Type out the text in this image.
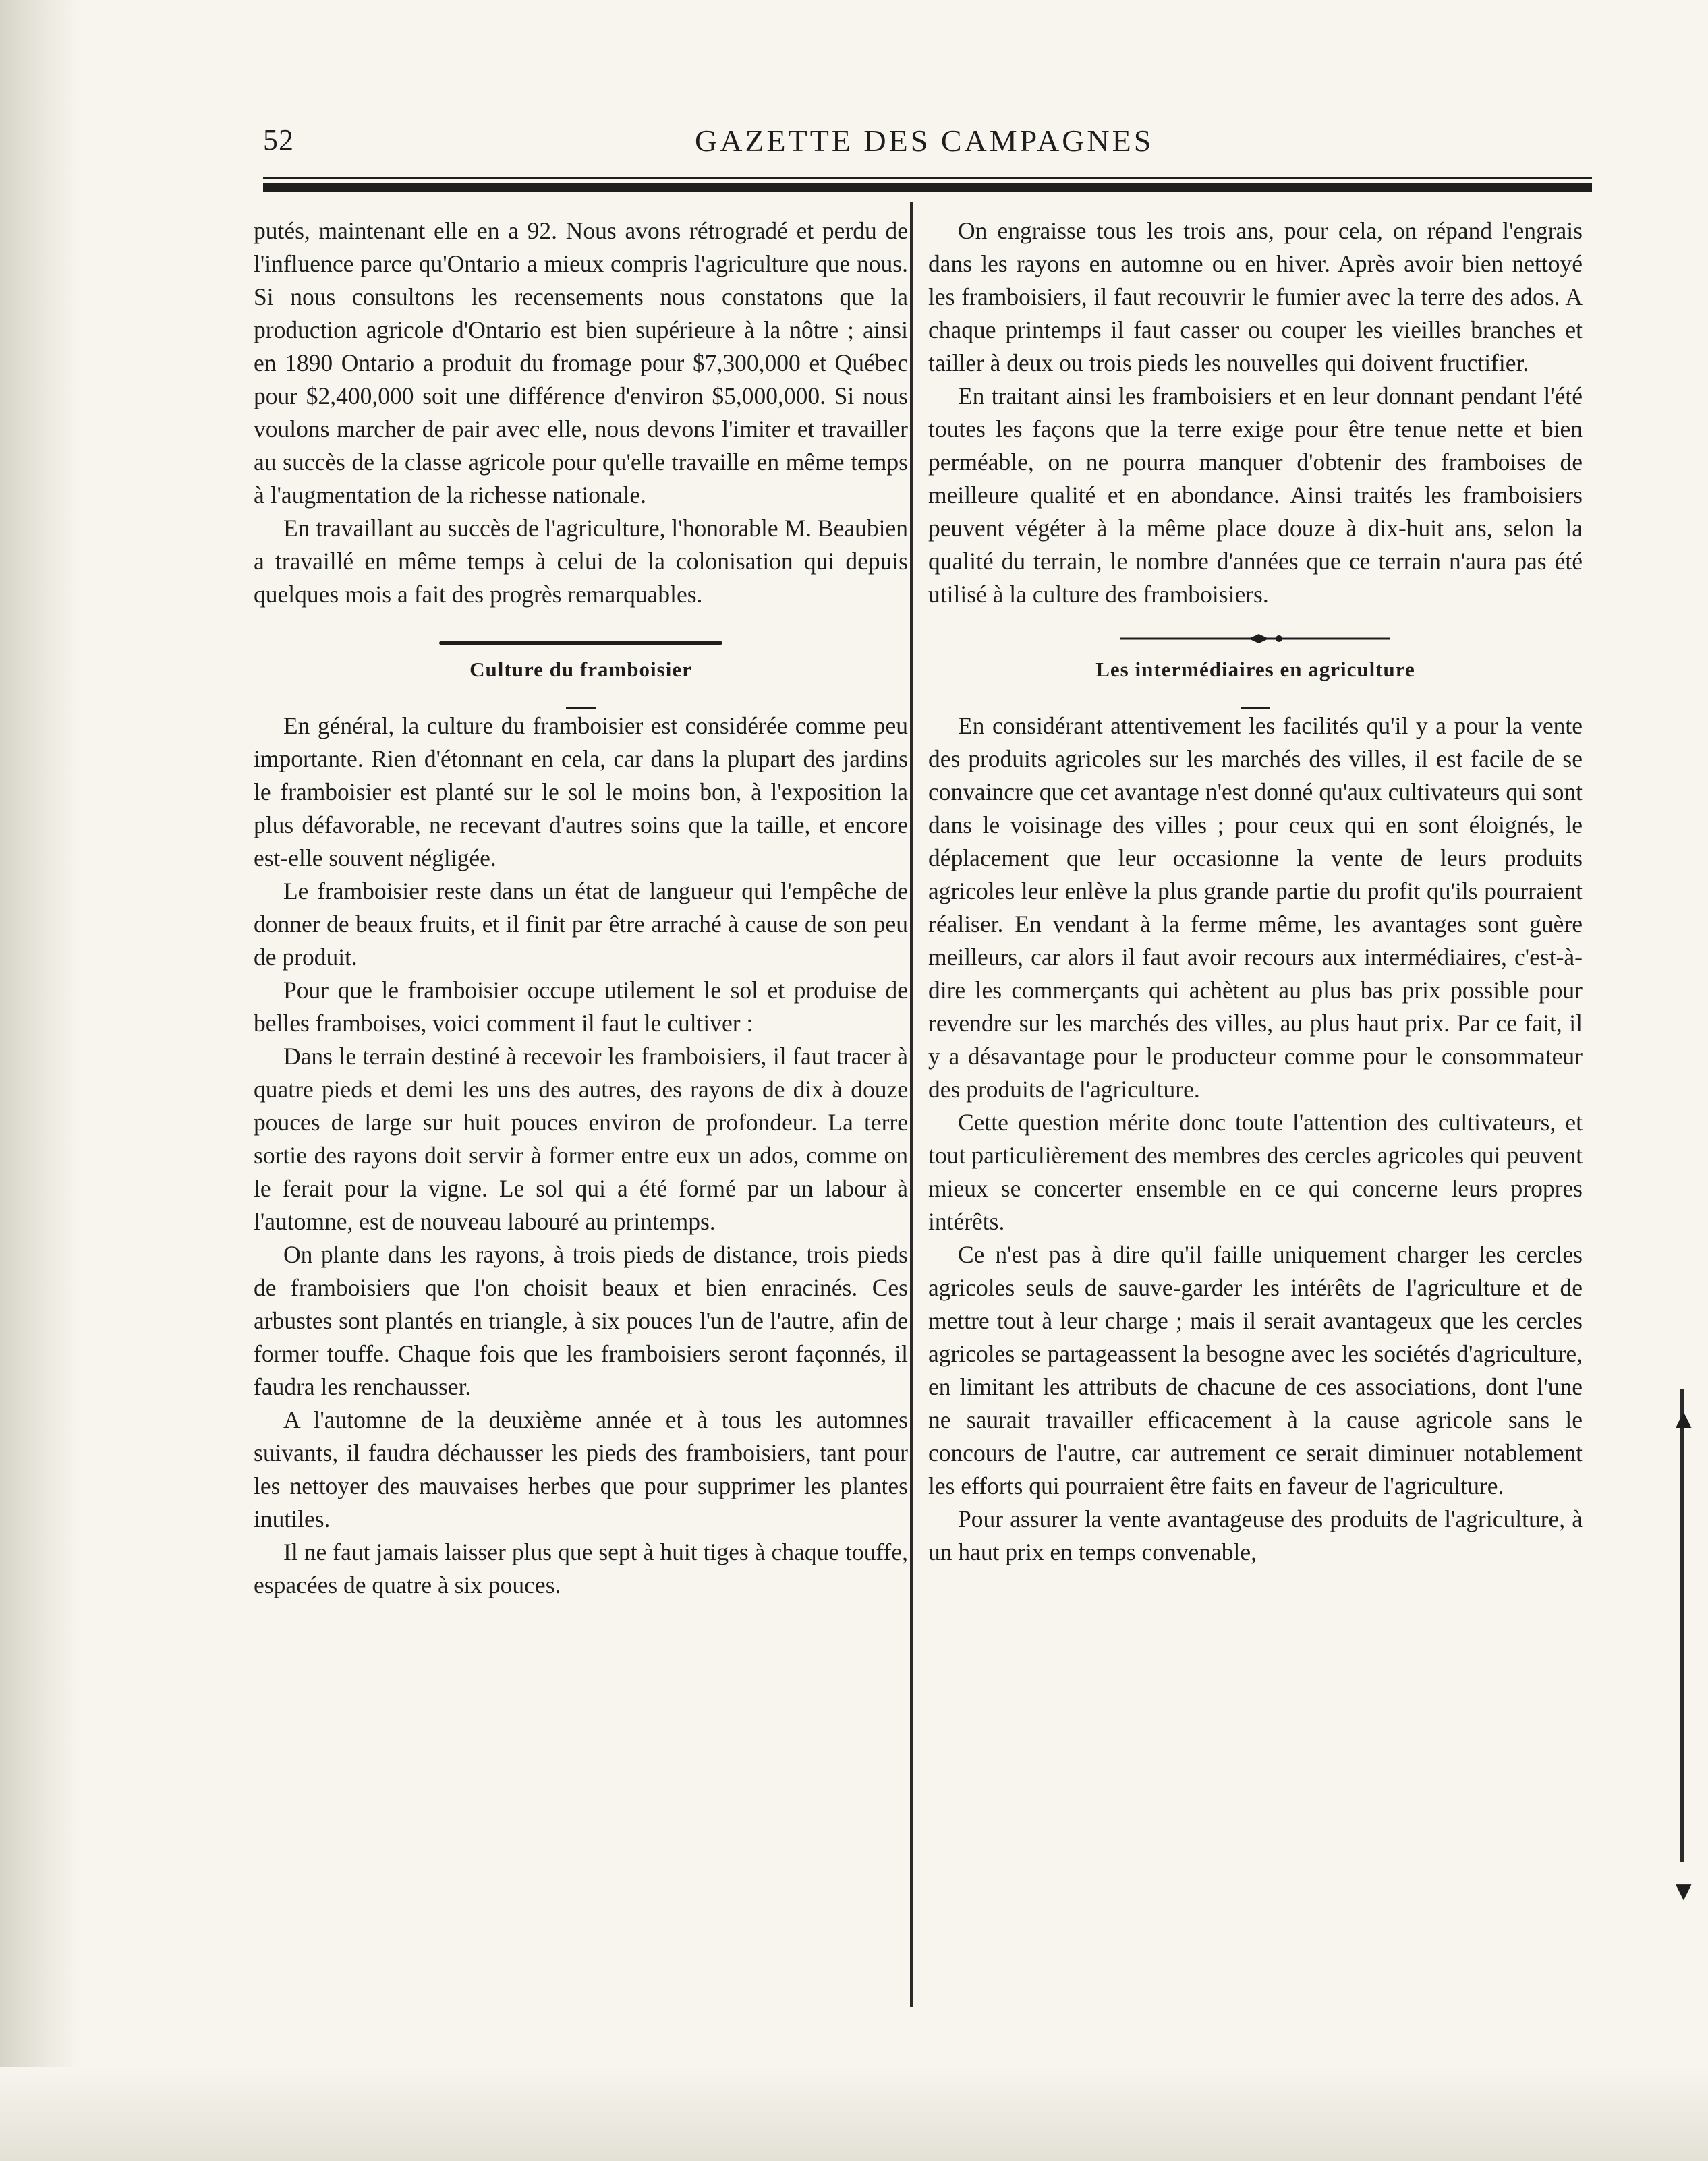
52	GAZETTE DES CAMPAGNES

putés, maintenant elle en a 92. Nous avons rétrogradé et perdu de l'influence parce qu'Ontario a mieux compris l'agriculture que nous. Si nous consultons les recensements nous constatons que la production agricole d'Ontario est bien supérieure à la nôtre ; ainsi en 1890 Ontario a produit du fromage pour $7,300,000 et Québec pour $2,400,000 soit une différence d'environ $5,000,000. Si nous voulons marcher de pair avec elle, nous devons l'imiter et travailler au succès de la classe agricole pour qu'elle travaille en même temps à l'augmentation de la richesse nationale.

En travaillant au succès de l'agriculture, l'honorable M. Beaubien a travaillé en même temps à celui de la colonisation qui depuis quelques mois a fait des progrès remarquables.

Culture du framboisier

En général, la culture du framboisier est considérée comme peu importante. Rien d'étonnant en cela, car dans la plupart des jardins le framboisier est planté sur le sol le moins bon, à l'exposition la plus défavorable, ne recevant d'autres soins que la taille, et encore est-elle souvent négligée.

Le framboisier reste dans un état de langueur qui l'empêche de donner de beaux fruits, et il finit par être arraché à cause de son peu de produit.

Pour que le framboisier occupe utilement le sol et produise de belles framboises, voici comment il faut le cultiver :

Dans le terrain destiné à recevoir les framboisiers, il faut tracer à quatre pieds et demi les uns des autres, des rayons de dix à douze pouces de large sur huit pouces environ de profondeur. La terre sortie des rayons doit servir à former entre eux un ados, comme on le ferait pour la vigne. Le sol qui a été formé par un labour à l'automne, est de nouveau labouré au printemps.

On plante dans les rayons, à trois pieds de distance, trois pieds de framboisiers que l'on choisit beaux et bien enracinés. Ces arbustes sont plantés en triangle, à six pouces l'un de l'autre, afin de former touffe. Chaque fois que les framboisiers seront façonnés, il faudra les renchausser.

A l'automne de la deuxième année et à tous les automnes suivants, il faudra déchausser les pieds des framboisiers, tant pour les nettoyer des mauvaises herbes que pour supprimer les plantes inutiles.

Il ne faut jamais laisser plus que sept à huit tiges à chaque touffe, espacées de quatre à six pouces.

On engraisse tous les trois ans, pour cela, on répand l'engrais dans les rayons en automne ou en hiver. Après avoir bien nettoyé les framboisiers, il faut recouvrir le fumier avec la terre des ados. A chaque printemps il faut casser ou couper les vieilles branches et tailler à deux ou trois pieds les nouvelles qui doivent fructifier.

En traitant ainsi les framboisiers et en leur donnant pendant l'été toutes les façons que la terre exige pour être tenue nette et bien perméable, on ne pourra manquer d'obtenir des framboises de meilleure qualité et en abondance. Ainsi traités les framboisiers peuvent végéter à la même place douze à dix-huit ans, selon la qualité du terrain, le nombre d'années que ce terrain n'aura pas été utilisé à la culture des framboisiers.

Les intermédiaires en agriculture

En considérant attentivement les facilités qu'il y a pour la vente des produits agricoles sur les marchés des villes, il est facile de se convaincre que cet avantage n'est donné qu'aux cultivateurs qui sont dans le voisinage des villes ; pour ceux qui en sont éloignés, le déplacement que leur occasionne la vente de leurs produits agricoles leur enlève la plus grande partie du profit qu'ils pourraient réaliser. En vendant à la ferme même, les avantages sont guère meilleurs, car alors il faut avoir recours aux intermédiaires, c'est-à-dire les commerçants qui achètent au plus bas prix possible pour revendre sur les marchés des villes, au plus haut prix. Par ce fait, il y a désavantage pour le producteur comme pour le consommateur des produits de l'agriculture.

Cette question mérite donc toute l'attention des cultivateurs, et tout particulièrement des membres des cercles agricoles qui peuvent mieux se concerter ensemble en ce qui concerne leurs propres intérêts.

Ce n'est pas à dire qu'il faille uniquement charger les cercles agricoles seuls de sauve-garder les intérêts de l'agriculture et de mettre tout à leur charge ; mais il serait avantageux que les cercles agricoles se partageassent la besogne avec les sociétés d'agriculture, en limitant les attributs de chacune de ces associations, dont l'une ne saurait travailler efficacement à la cause agricole sans le concours de l'autre, car autrement ce serait diminuer notablement les efforts qui pourraient être faits en faveur de l'agriculture.

Pour assurer la vente avantageuse des produits de l'agriculture, à un haut prix en temps convenable,

▲
▼
